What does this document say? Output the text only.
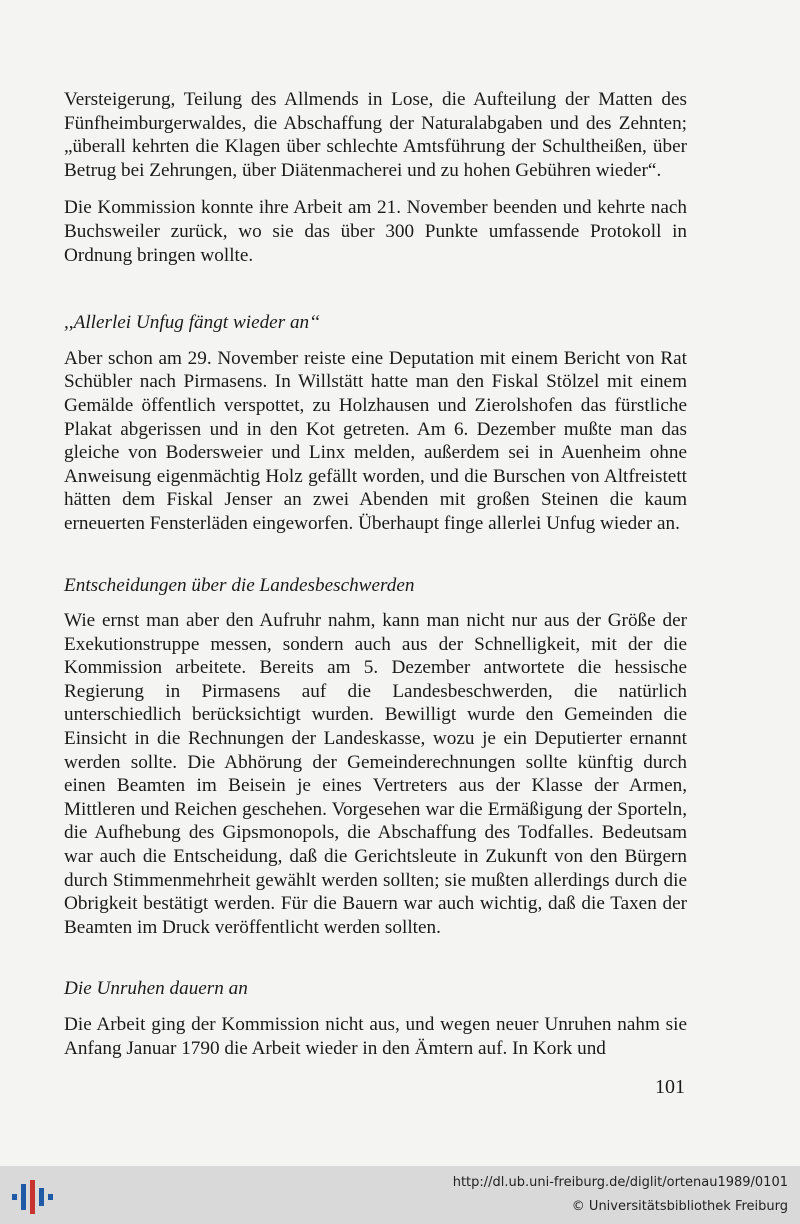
Versteigerung, Teilung des Allmends in Lose, die Aufteilung der Matten des Fünfheimburgerwaldes, die Abschaffung der Naturalabgaben und des Zehnten; „überall kehrten die Klagen über schlechte Amtsführung der Schultheißen, über Betrug bei Zehrungen, über Diätenmacherei und zu hohen Gebühren wieder“.

Die Kommission konnte ihre Arbeit am 21. November beenden und kehrte nach Buchsweiler zurück, wo sie das über 300 Punkte umfassende Protokoll in Ordnung bringen wollte.

,,Allerlei Unfug fängt wieder an‘‘

Aber schon am 29. November reiste eine Deputation mit einem Bericht von Rat Schübler nach Pirmasens. In Willstätt hatte man den Fiskal Stölzel mit einem Gemälde öffentlich verspottet, zu Holzhausen und Zierolshofen das fürstliche Plakat abgerissen und in den Kot getreten. Am 6. Dezember mußte man das gleiche von Bodersweier und Linx melden, außerdem sei in Auenheim ohne Anweisung eigenmächtig Holz gefällt worden, und die Burschen von Altfreistett hätten dem Fiskal Jenser an zwei Abenden mit großen Steinen die kaum erneuerten Fensterläden eingeworfen. Überhaupt finge allerlei Unfug wieder an.

Entscheidungen über die Landesbeschwerden

Wie ernst man aber den Aufruhr nahm, kann man nicht nur aus der Größe der Exekutionstruppe messen, sondern auch aus der Schnelligkeit, mit der die Kommission arbeitete. Bereits am 5. Dezember antwortete die hessische Regierung in Pirmasens auf die Landesbeschwerden, die natürlich unterschiedlich berücksichtigt wurden. Bewilligt wurde den Gemeinden die Einsicht in die Rechnungen der Landeskasse, wozu je ein Deputierter ernannt werden sollte. Die Abhörung der Gemeinderechnungen sollte künftig durch einen Beamten im Beisein je eines Vertreters aus der Klasse der Armen, Mittleren und Reichen geschehen. Vorgesehen war die Ermäßigung der Sporteln, die Aufhebung des Gipsmonopols, die Abschaffung des Todfalles. Bedeutsam war auch die Entscheidung, daß die Gerichtsleute in Zukunft von den Bürgern durch Stimmenmehrheit gewählt werden sollten; sie mußten allerdings durch die Obrigkeit bestätigt werden. Für die Bauern war auch wichtig, daß die Taxen der Beamten im Druck veröffentlicht werden sollten.

Die Unruhen dauern an

Die Arbeit ging der Kommission nicht aus, und wegen neuer Unruhen nahm sie Anfang Januar 1790 die Arbeit wieder in den Ämtern auf. In Kork und

101
http://dl.ub.uni-freiburg.de/diglit/ortenau1989/0101
© Universitätsbibliothek Freiburg
